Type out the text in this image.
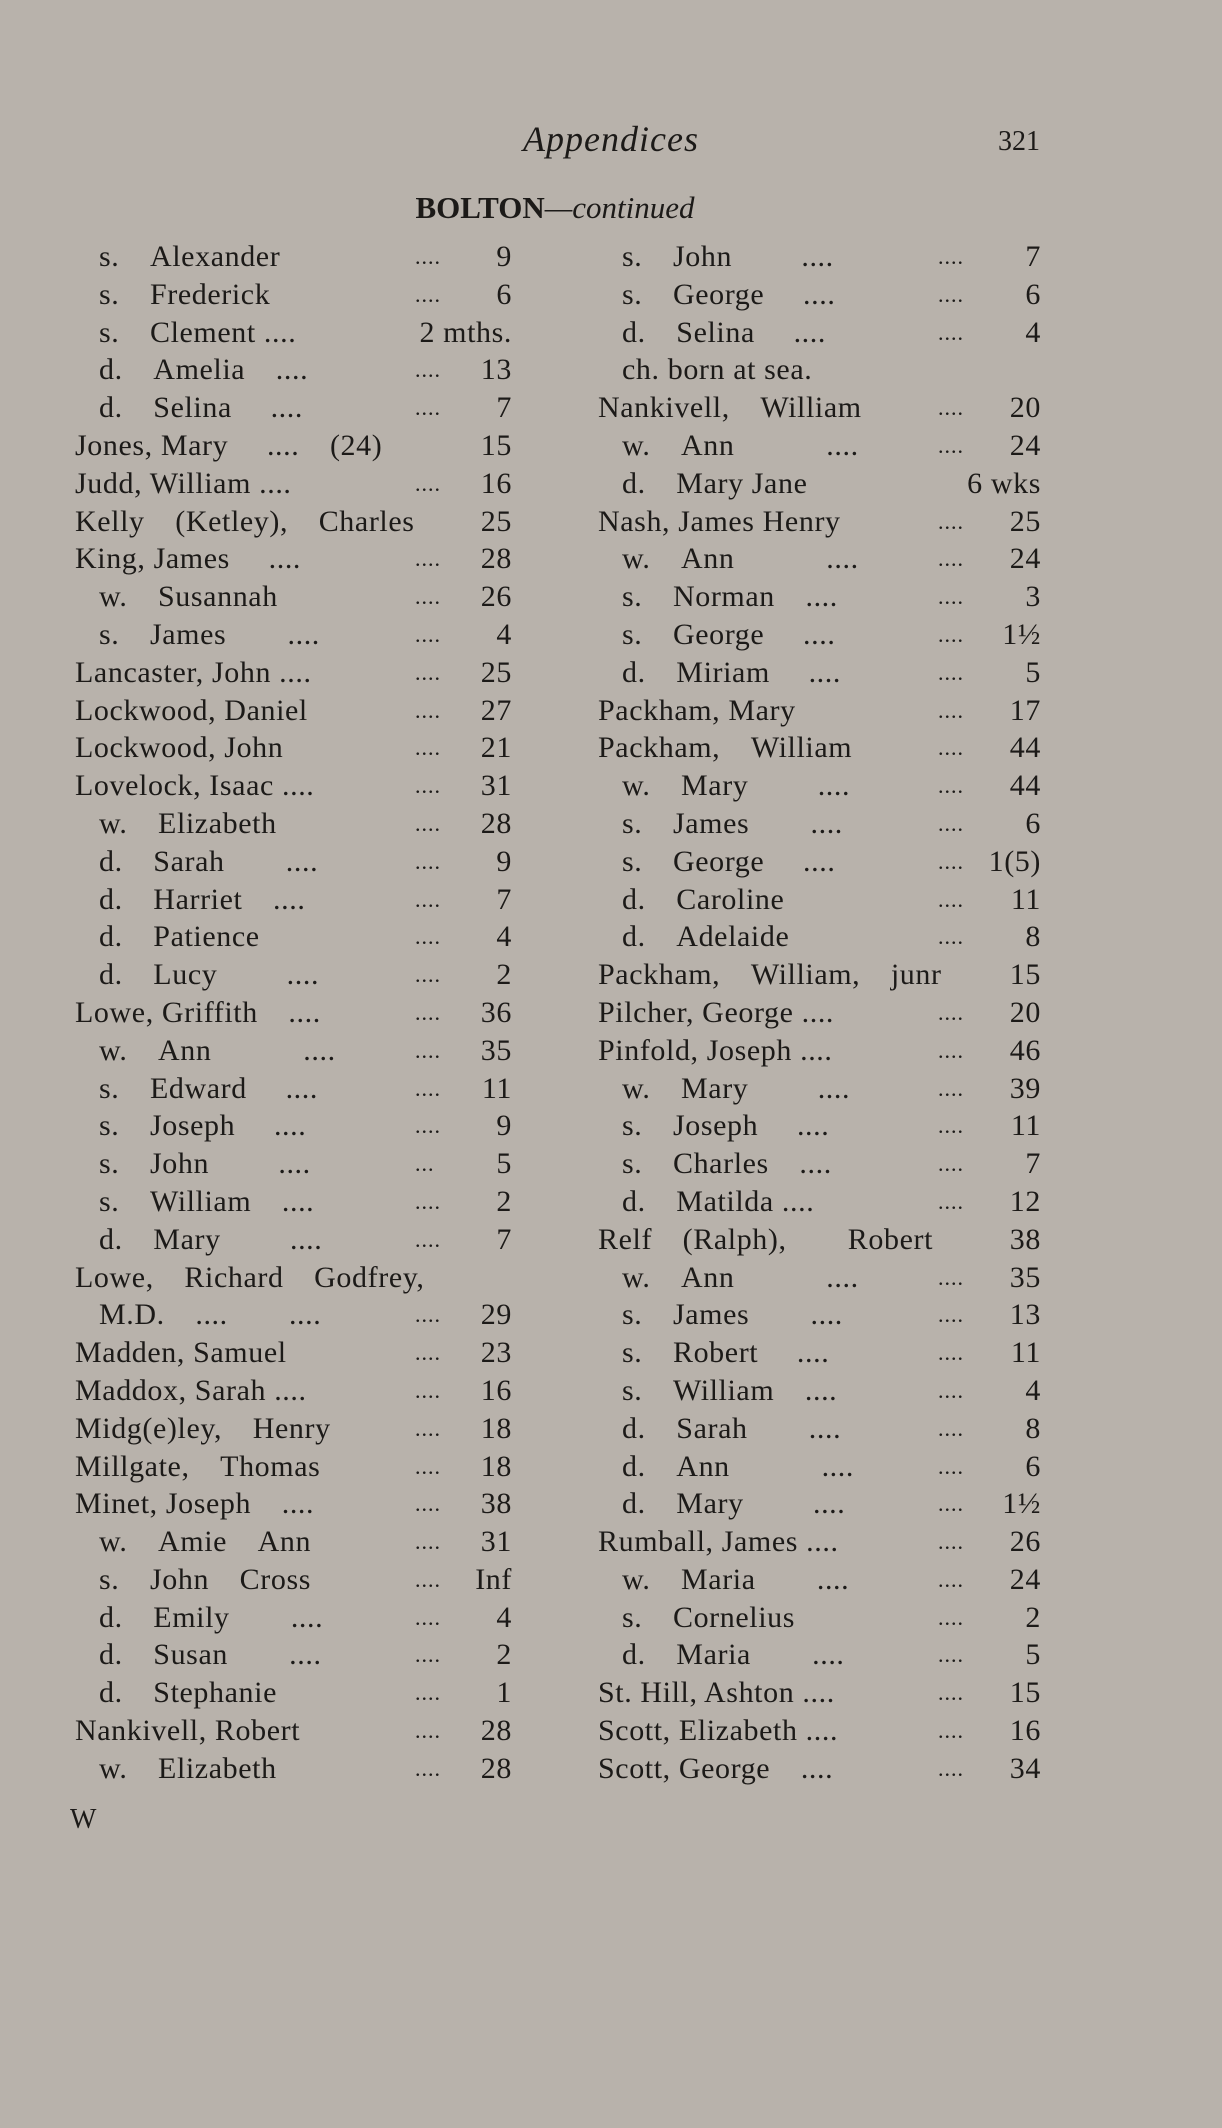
Appendices	321
BOLTON—continued
s. Alexander	.... 9
s. Frederick	.... 6
s. Clement ....	2 mths.
d. Amelia ....	.... 13
d. Selina  ....	.... 7
Jones, Mary  .... (24)	15
Judd, William ....	.... 16
Kelly (Ketley), Charles 25
King, James  ....	.... 28
w. Susannah	.... 26
s. James  ....	.... 4
Lancaster, John ....	.... 25
Lockwood, Daniel	.... 27
Lockwood, John	.... 21
Lovelock, Isaac ....	.... 31
w. Elizabeth	.... 28
d. Sarah  ....	.... 9
d. Harriet ....	.... 7
d. Patience	.... 4
d. Lucy   ....	.... 2
Lowe, Griffith ....	.... 36
w. Ann   ....	.... 35
s. Edward  ....	.... 11
s. Joseph  ....	.... 9
s. John   ....	... 5
s. William ....	.... 2
d. Mary   ....	.... 7
Lowe, Richard Godfrey,
M.D. ....  ....	.... 29
Madden, Samuel	.... 23
Maddox, Sarah ....	.... 16
Midg(e)ley, Henry	.... 18
Millgate, Thomas	.... 18
Minet, Joseph ....	.... 38
w. Amie Ann	.... 31
s. John Cross	.... Inf
d. Emily  ....	.... 4
d. Susan  ....	.... 2
d. Stephanie	.... 1
Nankivell, Robert	.... 28
w. Elizabeth	.... 28
s. John   ....	.... 7
s. George  ....	.... 6
d. Selina  ....	.... 4
ch. born at sea.
Nankivell, William	.... 20
w. Ann   ....	.... 24
d. Mary Jane	6 wks
Nash, James Henry	.... 25
w. Ann   ....	.... 24
s. Norman ....	.... 3
s. George  ....	.... 1½
d. Miriam  ....	.... 5
Packham, Mary	.... 17
Packham, William	.... 44
w. Mary   ....	.... 44
s. James  ....	.... 6
s. George  ....	.... 1(5)
d. Caroline	.... 11
d. Adelaide	.... 8
Packham, William, junr 15
Pilcher, George ....	.... 20
Pinfold, Joseph ....	.... 46
w. Mary   ....	.... 39
s. Joseph  ....	.... 11
s. Charles ....	.... 7
d. Matilda ....	.... 12
Relf (Ralph),  Robert	38
w. Ann   ....	.... 35
s. James  ....	.... 13
s. Robert  ....	.... 11
s. William ....	.... 4
d. Sarah  ....	.... 8
d. Ann   ....	.... 6
d. Mary   ....	.... 1½
Rumball, James ....	.... 26
w. Maria  ....	.... 24
s. Cornelius	.... 2
d. Maria  ....	.... 5
St. Hill, Ashton ....	.... 15
Scott, Elizabeth ....	.... 16
Scott, George ....	.... 34
W
